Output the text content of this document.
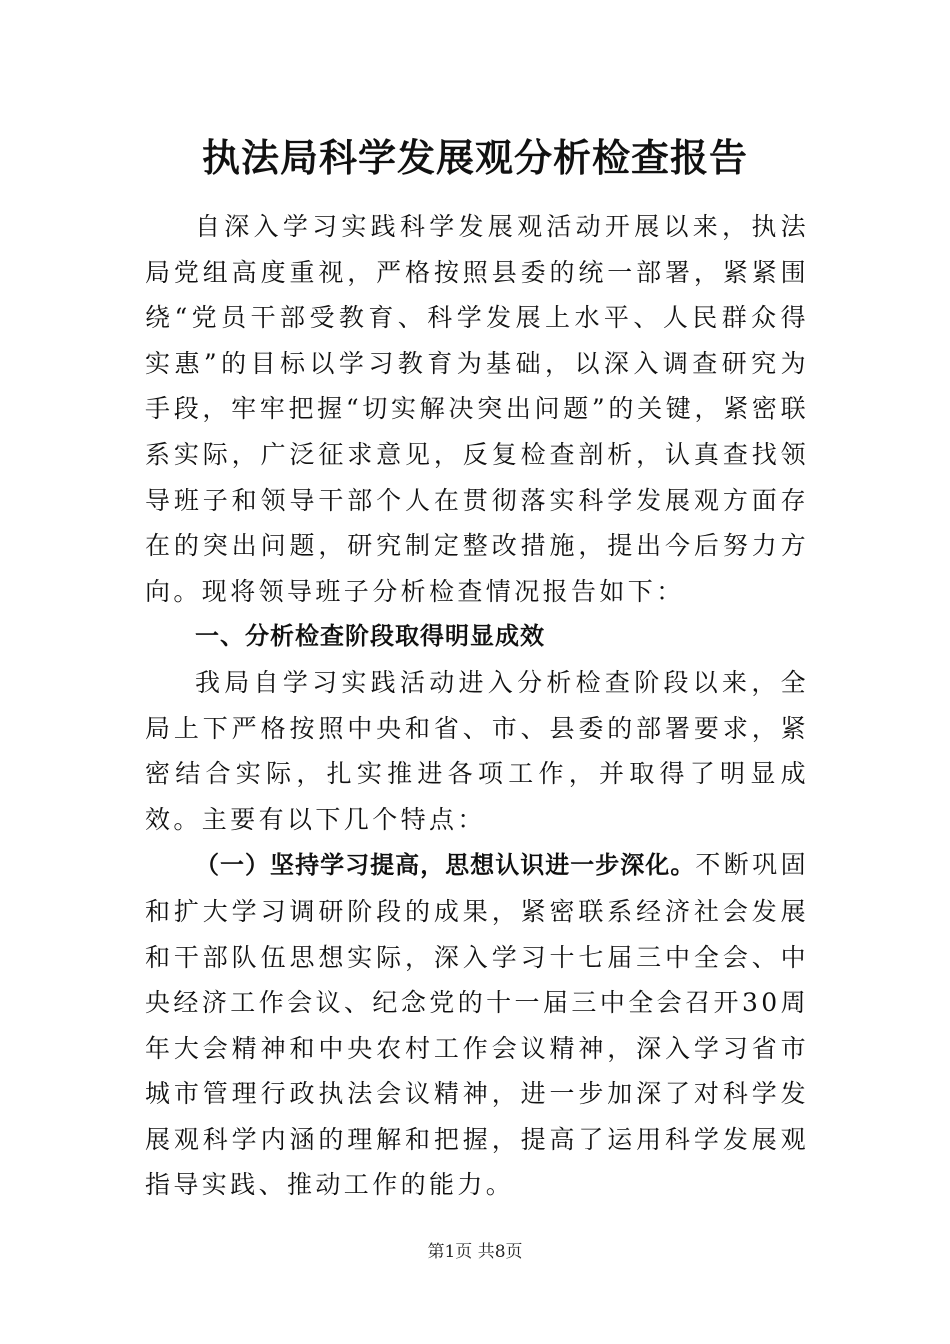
执法局科学发展观分析检查报告

自深入学习实践科学发展观活动开展以来，执法局党组高度重视，严格按照县委的统一部署，紧紧围绕“党员干部受教育、科学发展上水平、人民群众得实惠”的目标以学习教育为基础，以深入调查研究为手段，牢牢把握“切实解决突出问题”的关键，紧密联系实际，广泛征求意见，反复检查剖析，认真查找领导班子和领导干部个人在贯彻落实科学发展观方面存在的突出问题，研究制定整改措施，提出今后努力方向。现将领导班子分析检查情况报告如下：

一、分析检查阶段取得明显成效

我局自学习实践活动进入分析检查阶段以来，全局上下严格按照中央和省、市、县委的部署要求，紧密结合实际，扎实推进各项工作，并取得了明显成效。主要有以下几个特点：

（一）坚持学习提高，思想认识进一步深化。不断巩固和扩大学习调研阶段的成果，紧密联系经济社会发展和干部队伍思想实际，深入学习十七届三中全会、中央经济工作会议、纪念党的十一届三中全会召开30周年大会精神和中央农村工作会议精神，深入学习省市城市管理行政执法会议精神，进一步加深了对科学发展观科学内涵的理解和把握，提高了运用科学发展观指导实践、推动工作的能力。

第1页 共8页
